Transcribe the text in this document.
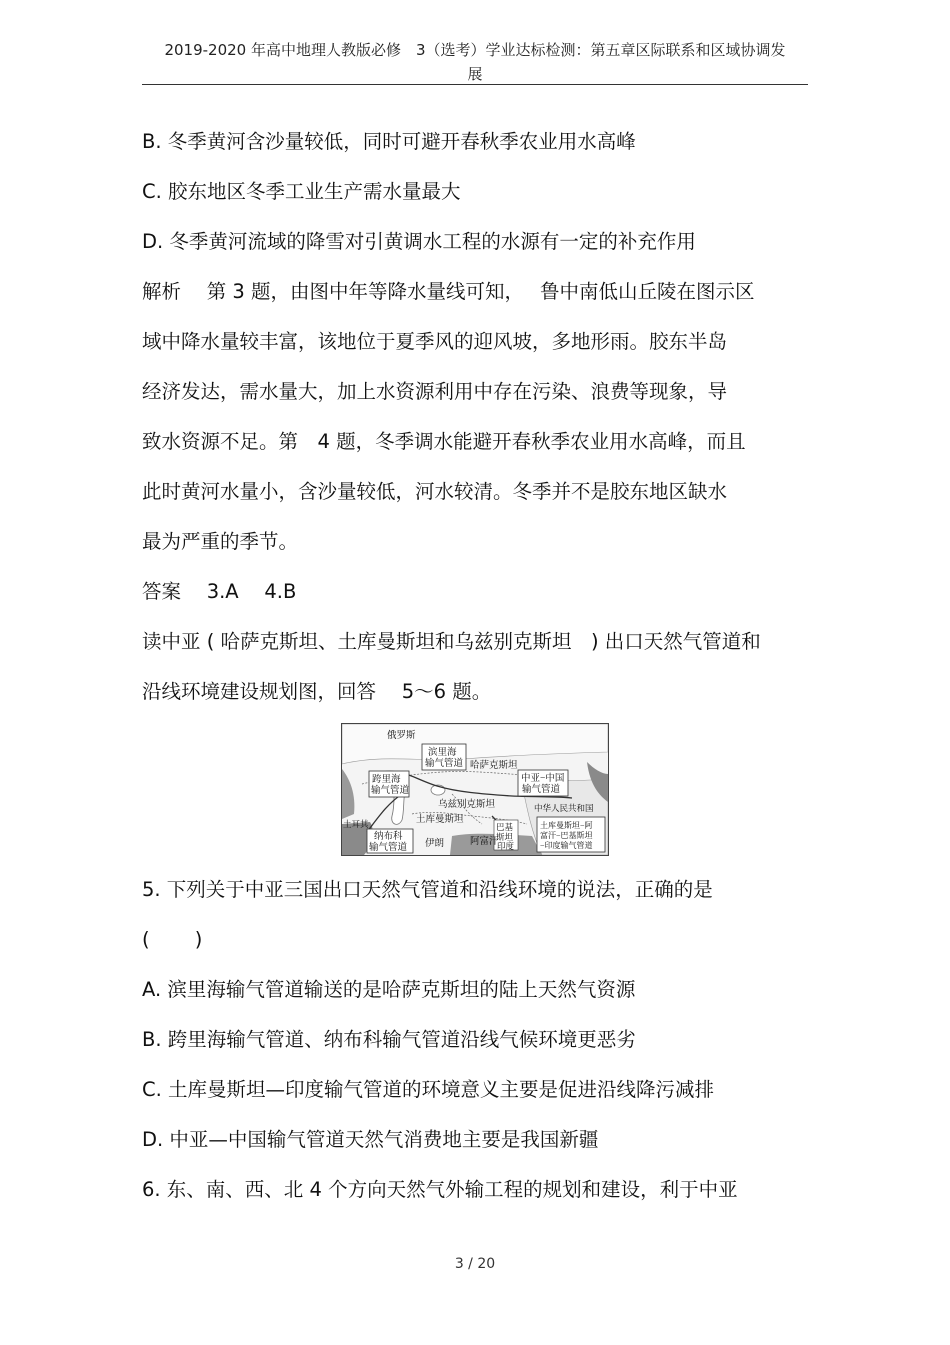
2019-2020 年高中地理人教版必修　3（选考）学业达标检测：第五章区际联系和区域协调发
展
B. 冬季黄河含沙量较低，同时可避开春秋季农业用水高峰
C. 胶东地区冬季工业生产需水量最大
D. 冬季黄河流域的降雪对引黄调水工程的水源有一定的补充作用
解析　 第 3 题，由图中年等降水量线可知，　 鲁中南低山丘陵在图示区
域中降水量较丰富，该地位于夏季风的迎风坡，多地形雨。胶东半岛
经济发达，需水量大，加上水资源利用中存在污染、浪费等现象，导
致水资源不足。第　4 题，冬季调水能避开春秋季农业用水高峰，而且
此时黄河水量小，含沙量较低，河水较清。冬季并不是胶东地区缺水
最为严重的季节。
答案　 3.A　 4.B
读中亚 ( 哈萨克斯坦、土库曼斯坦和乌兹别克斯坦　) 出口天然气管道和
沿线环境建设规划图，回答　 5～6 题。
俄罗斯
滨里海
输气管道 哈萨克斯坦
跨里海
输气管道
中亚−中国
输气管道
乌兹别克斯坦	中华人民共和国
土库曼斯坦
土耳其
纳布科
输气管道 伊朗	阿富汗
巴基
斯坦
印度
土库曼斯坦−阿
富汗−巴基斯坦
−印度输气管道
5. 下列关于中亚三国出口天然气管道和沿线环境的说法，正确的是
(　　 )
A. 滨里海输气管道输送的是哈萨克斯坦的陆上天然气资源
B. 跨里海输气管道、纳布科输气管道沿线气候环境更恶劣
C. 土库曼斯坦—印度输气管道的环境意义主要是促进沿线降污减排
D. 中亚—中国输气管道天然气消费地主要是我国新疆
6. 东、南、西、北 4 个方向天然气外输工程的规划和建设，利于中亚
3 / 20
